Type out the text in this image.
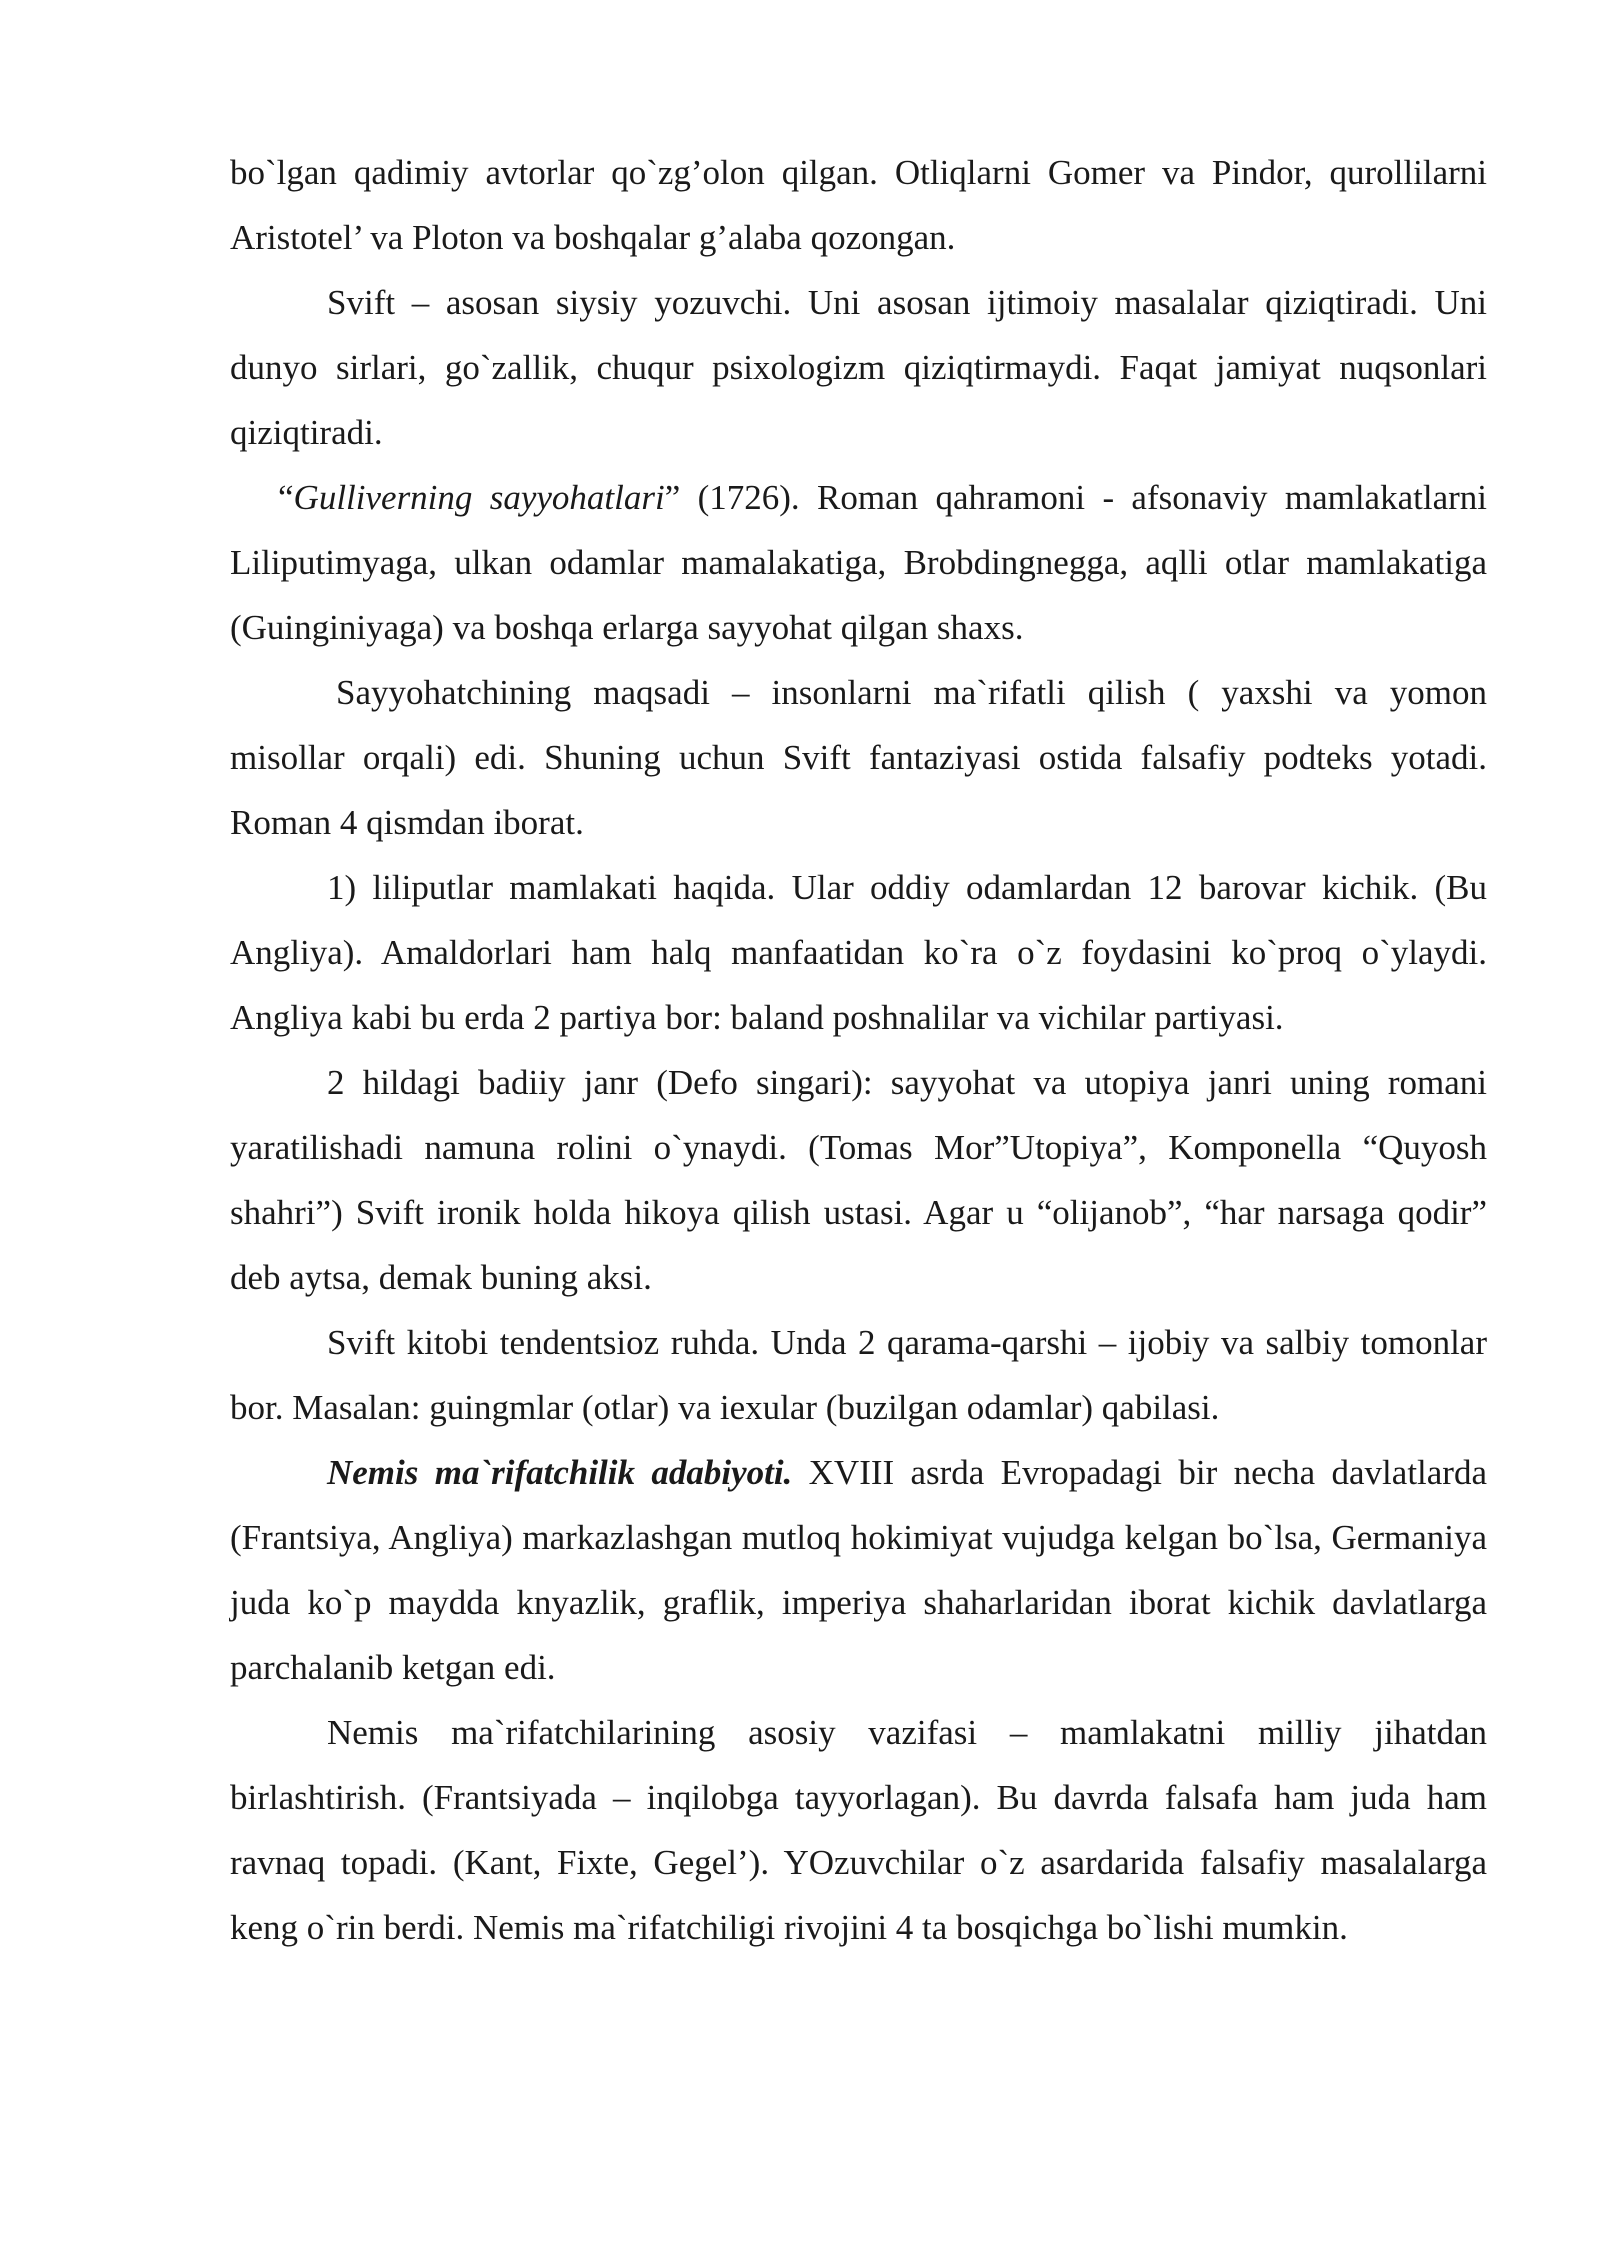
bo`lgan qadimiy avtorlar qo`zg’olon qilgan. Otliqlarni Gomer va Pindor, qurollilarni Aristotel’ va Ploton va boshqalar g’alaba qozongan.

Svift – asosan siysiy yozuvchi. Uni asosan ijtimoiy masalalar qiziqtiradi. Uni dunyo sirlari, go`zallik, chuqur psixologizm qiziqtirmaydi. Faqat jamiyat nuqsonlari qiziqtiradi.

“Gulliverning sayyohatlari” (1726). Roman qahramoni - afsonaviy mamlakatlarni Liliputimyaga, ulkan odamlar mamalakatiga, Brobdingnegga, aqlli otlar mamlakatiga (Guinginiyaga) va boshqa erlarga sayyohat qilgan shaxs.

Sayyohatchining maqsadi – insonlarni ma`rifatli qilish ( yaxshi va yomon misollar orqali) edi. Shuning uchun Svift fantaziyasi ostida falsafiy podteks yotadi. Roman 4 qismdan iborat.

1) liliputlar mamlakati haqida. Ular oddiy odamlardan 12 barovar kichik. (Bu Angliya). Amaldorlari ham halq manfaatidan ko`ra o`z foydasini ko`proq o`ylaydi. Angliya kabi bu erda 2 partiya bor: baland poshnalilar va vichilar partiyasi.

2 hildagi badiiy janr (Defo singari): sayyohat va utopiya janri uning romani yaratilishadi namuna rolini o`ynaydi. (Tomas Mor”Utopiya”, Komponella “Quyosh shahri”) Svift ironik holda hikoya qilish ustasi. Agar u “olijanob”, “har narsaga qodir” deb aytsa, demak buning aksi.

Svift kitobi tendentsioz ruhda. Unda 2 qarama-qarshi – ijobiy va salbiy tomonlar bor. Masalan: guingmlar (otlar) va iexular (buzilgan odamlar) qabilasi.

Nemis ma`rifatchilik adabiyoti. XVIII asrda Evropadagi bir necha davlatlarda (Frantsiya, Angliya) markazlashgan mutloq hokimiyat vujudga kelgan bo`lsa, Germaniya juda ko`p maydda knyazlik, graflik, imperiya shaharlaridan iborat kichik davlatlarga parchalanib ketgan edi.

Nemis ma`rifatchilarining asosiy vazifasi – mamlakatni milliy jihatdan birlashtirish. (Frantsiyada – inqilobga tayyorlagan). Bu davrda falsafa ham juda ham ravnaq topadi. (Kant, Fixte, Gegel’). YOzuvchilar o`z asardarida falsafiy masalalarga keng o`rin berdi. Nemis ma`rifatchiligi rivojini 4 ta bosqichga bo`lishi mumkin.
